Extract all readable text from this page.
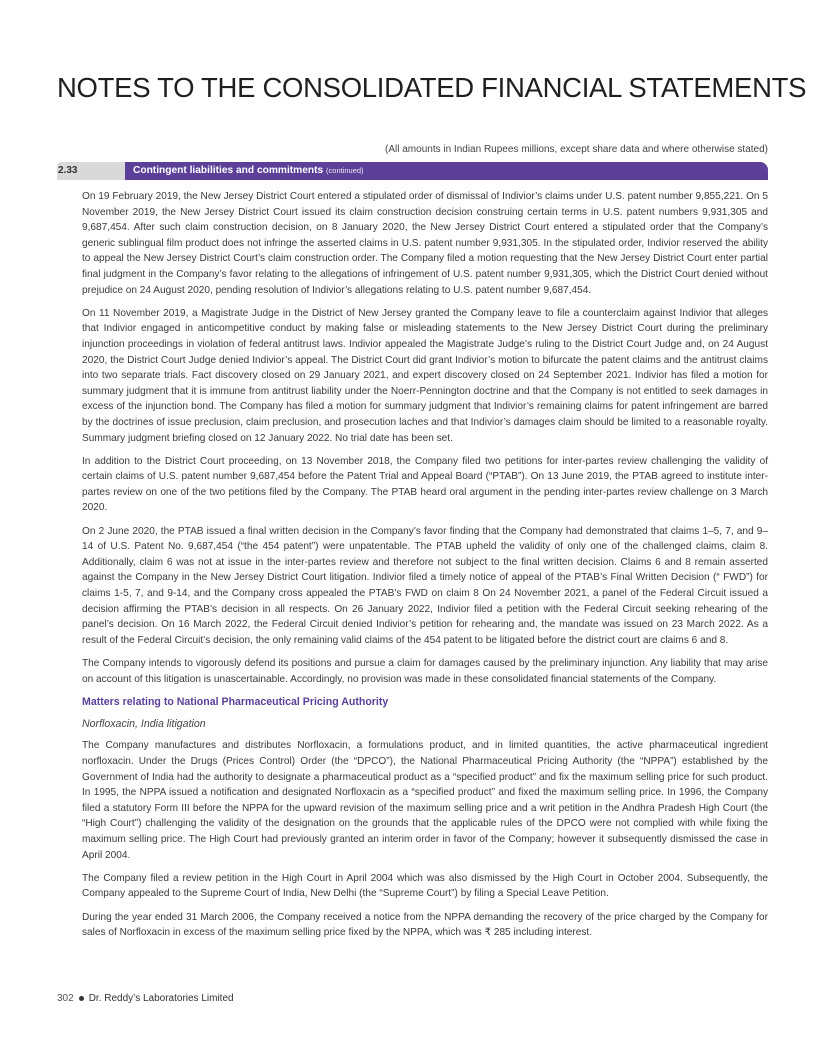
NOTES TO THE CONSOLIDATED FINANCIAL STATEMENTS
(All amounts in Indian Rupees millions, except share data and where otherwise stated)
2.33	Contingent liabilities and commitments (continued)

On 19 February 2019, the New Jersey District Court entered a stipulated order of dismissal of Indivior’s claims under U.S. patent number 9,855,221. On 5 November 2019, the New Jersey District Court issued its claim construction decision construing certain terms in U.S. patent numbers 9,931,305 and 9,687,454. After such claim construction decision, on 8 January 2020, the New Jersey District Court entered a stipulated order that the Company’s generic sublingual film product does not infringe the asserted claims in U.S. patent number 9,931,305. In the stipulated order, Indivior reserved the ability to appeal the New Jersey District Court’s claim construction order. The Company filed a motion requesting that the New Jersey District Court enter partial final judgment in the Company’s favor relating to the allegations of infringement of U.S. patent number 9,931,305, which the District Court denied without prejudice on 24 August 2020, pending resolution of Indivior’s allegations relating to U.S. patent number 9,687,454.

On 11 November 2019, a Magistrate Judge in the District of New Jersey granted the Company leave to file a counterclaim against Indivior that alleges that Indivior engaged in anticompetitive conduct by making false or misleading statements to the New Jersey District Court during the preliminary injunction proceedings in violation of federal antitrust laws. Indivior appealed the Magistrate Judge’s ruling to the District Court Judge and, on 24 August 2020, the District Court Judge denied Indivior’s appeal. The District Court did grant Indivior’s motion to bifurcate the patent claims and the antitrust claims into two separate trials. Fact discovery closed on 29 January 2021, and expert discovery closed on 24 September 2021. Indivior has filed a motion for summary judgment that it is immune from antitrust liability under the Noerr-Pennington doctrine and that the Company is not entitled to seek damages in excess of the injunction bond. The Company has filed a motion for summary judgment that Indivior’s remaining claims for patent infringement are barred by the doctrines of issue preclusion, claim preclusion, and prosecution laches and that Indivior’s damages claim should be limited to a reasonable royalty. Summary judgment briefing closed on 12 January 2022. No trial date has been set.

In addition to the District Court proceeding, on 13 November 2018, the Company filed two petitions for inter-partes review challenging the validity of certain claims of U.S. patent number 9,687,454 before the Patent Trial and Appeal Board (“PTAB”). On 13 June 2019, the PTAB agreed to institute inter-partes review on one of the two petitions filed by the Company. The PTAB heard oral argument in the pending inter-partes review challenge on 3 March 2020.

On 2 June 2020, the PTAB issued a final written decision in the Company’s favor finding that the Company had demonstrated that claims 1–5, 7, and 9–14 of U.S. Patent No. 9,687,454 (“the 454 patent”) were unpatentable. The PTAB upheld the validity of only one of the challenged claims, claim 8. Additionally, claim 6 was not at issue in the inter-partes review and therefore not subject to the final written decision. Claims 6 and 8 remain asserted against the Company in the New Jersey District Court litigation. Indivior filed a timely notice of appeal of the PTAB’s Final Written Decision (“ FWD”) for claims 1-5, 7, and 9-14, and the Company cross appealed the PTAB’s FWD on claim 8 On 24 November 2021, a panel of the Federal Circuit issued a decision affirming the PTAB’s decision in all respects. On 26 January 2022, Indivior filed a petition with the Federal Circuit seeking rehearing of the panel’s decision. On 16 March 2022, the Federal Circuit denied Indivior’s petition for rehearing and, the mandate was issued on 23 March 2022. As a result of the Federal Circuit’s decision, the only remaining valid claims of the 454 patent to be litigated before the district court are claims 6 and 8.

The Company intends to vigorously defend its positions and pursue a claim for damages caused by the preliminary injunction. Any liability that may arise on account of this litigation is unascertainable. Accordingly, no provision was made in these consolidated financial statements of the Company.

Matters relating to National Pharmaceutical Pricing Authority

Norfloxacin, India litigation

The Company manufactures and distributes Norfloxacin, a formulations product, and in limited quantities, the active pharmaceutical ingredient norfloxacin. Under the Drugs (Prices Control) Order (the “DPCO”), the National Pharmaceutical Pricing Authority (the “NPPA”) established by the Government of India had the authority to designate a pharmaceutical product as a “specified product” and fix the maximum selling price for such product. In 1995, the NPPA issued a notification and designated Norfloxacin as a “specified product” and fixed the maximum selling price. In 1996, the Company filed a statutory Form III before the NPPA for the upward revision of the maximum selling price and a writ petition in the Andhra Pradesh High Court (the “High Court”) challenging the validity of the designation on the grounds that the applicable rules of the DPCO were not complied with while fixing the maximum selling price. The High Court had previously granted an interim order in favor of the Company; however it subsequently dismissed the case in April 2004.

The Company filed a review petition in the High Court in April 2004 which was also dismissed by the High Court in October 2004. Subsequently, the Company appealed to the Supreme Court of India, New Delhi (the “Supreme Court”) by filing a Special Leave Petition.

During the year ended 31 March 2006, the Company received a notice from the NPPA demanding the recovery of the price charged by the Company for sales of Norfloxacin in excess of the maximum selling price fixed by the NPPA, which was ₹ 285 including interest.

302 Dr. Reddy’s Laboratories Limited
